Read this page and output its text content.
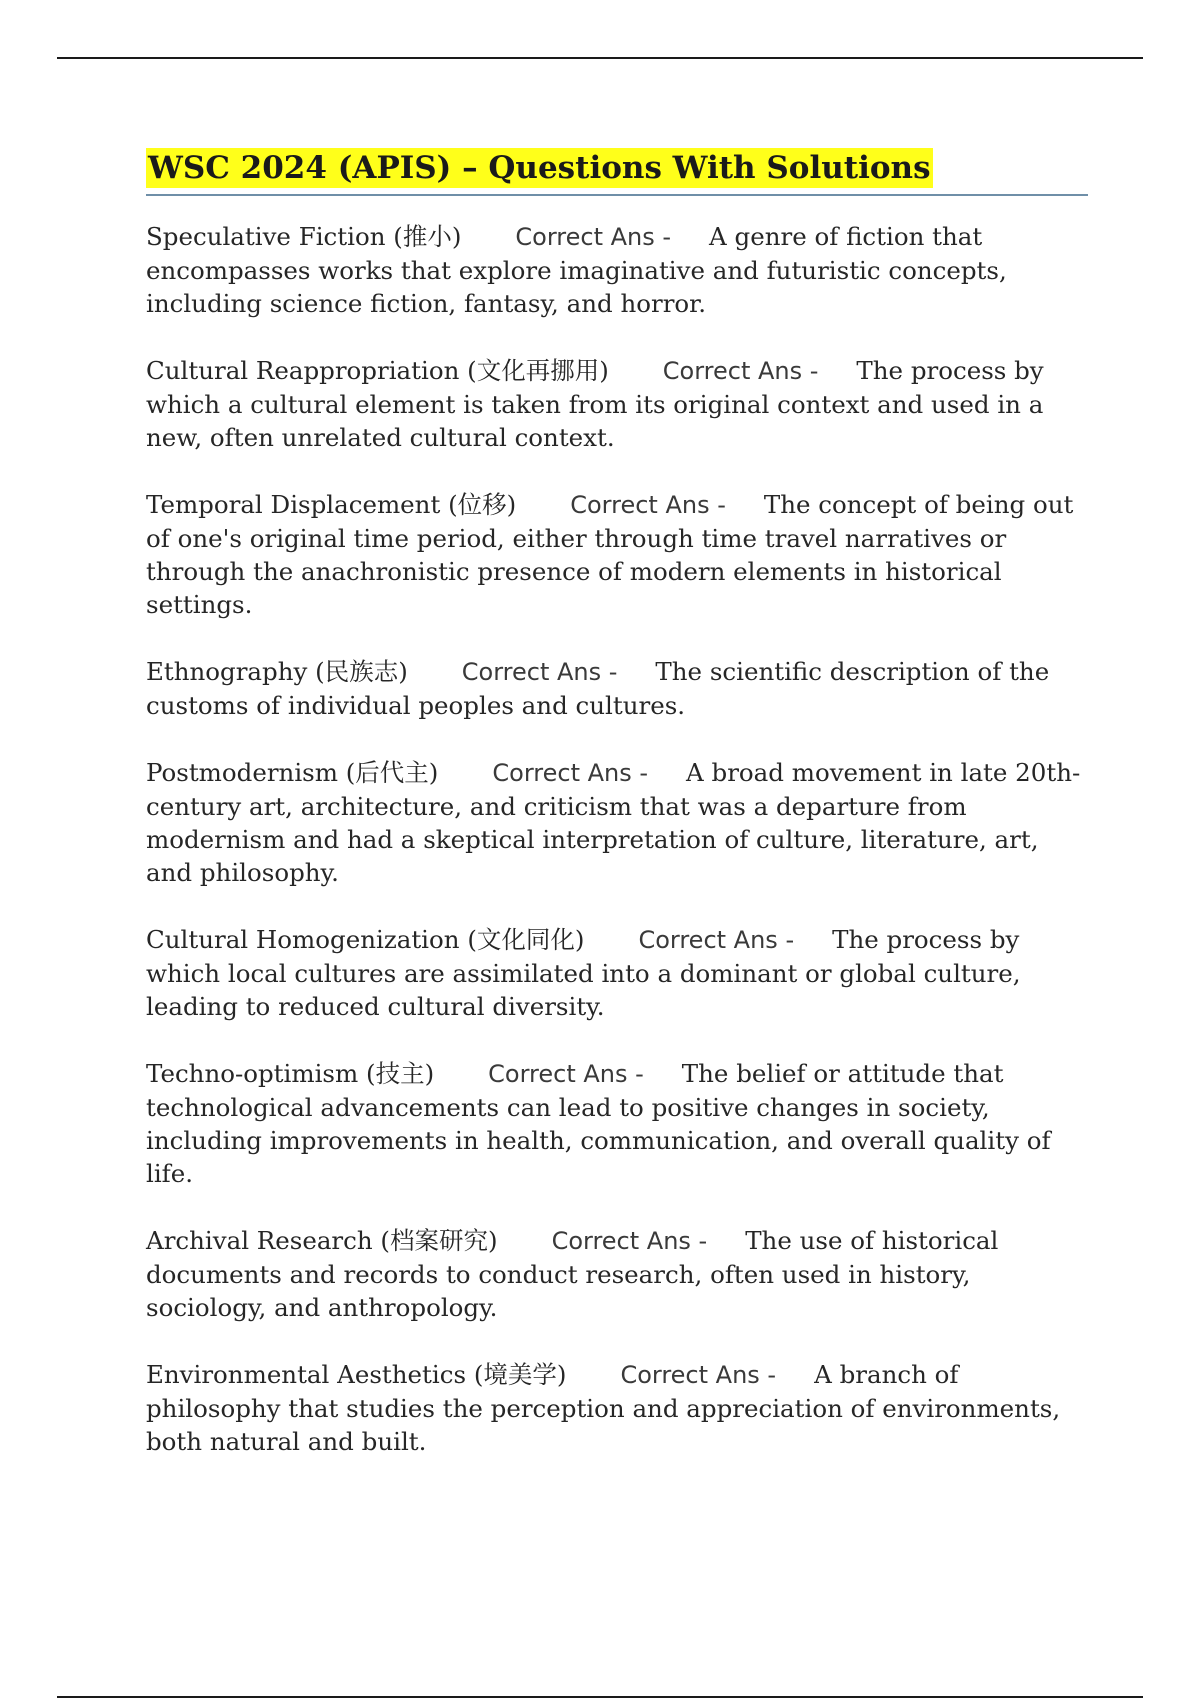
WSC 2024 (APIS) – Questions With Solutions
Speculative Fiction (推小) Correct Ans - A genre of fiction that encompasses works that explore imaginative and futuristic concepts, including science fiction, fantasy, and horror.
Cultural Reappropriation (文化再挪用) Correct Ans - The process by which a cultural element is taken from its original context and used in a new, often unrelated cultural context.
Temporal Displacement (位移) Correct Ans - The concept of being out of one's original time period, either through time travel narratives or through the anachronistic presence of modern elements in historical settings.
Ethnography (民族志) Correct Ans - The scientific description of the customs of individual peoples and cultures.
Postmodernism (后代主) Correct Ans - A broad movement in late 20th-century art, architecture, and criticism that was a departure from modernism and had a skeptical interpretation of culture, literature, art, and philosophy.
Cultural Homogenization (文化同化) Correct Ans - The process by which local cultures are assimilated into a dominant or global culture, leading to reduced cultural diversity.
Techno-optimism (技主) Correct Ans - The belief or attitude that technological advancements can lead to positive changes in society, including improvements in health, communication, and overall quality of life.
Archival Research (档案研究) Correct Ans - The use of historical documents and records to conduct research, often used in history, sociology, and anthropology.
Environmental Aesthetics (境美学) Correct Ans - A branch of philosophy that studies the perception and appreciation of environments, both natural and built.
